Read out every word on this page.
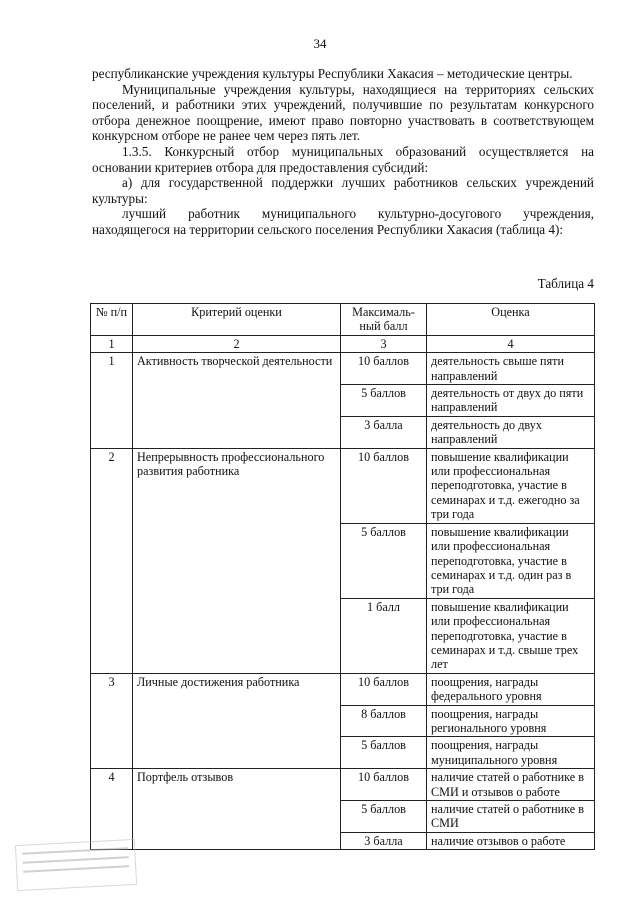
34

республиканские учреждения культуры Республики Хакасия – методические центры.

Муниципальные учреждения культуры, находящиеся на территориях сельских поселений, и работники этих учреждений, получившие по результатам конкурсного отбора денежное поощрение, имеют право повторно участвовать в соответствующем конкурсном отборе не ранее чем через пять лет.

1.3.5. Конкурсный отбор муниципальных образований осуществляется на основании критериев отбора для предоставления субсидий:

а) для государственной поддержки лучших работников сельских учреждений культуры:

лучший работник муниципального культурно-досугового учреждения, находящегося на территории сельского поселения Республики Хакасия (таблица 4):

Таблица 4
№ п/п	Критерий оценки	Максималь-ный балл	Оценка
1	2	3	4
1	Активность творческой деятельности	10 баллов	деятельность свыше пяти направлений
		5 баллов	деятельность от двух до пяти направлений
		3 балла	деятельность до двух направлений
2	Непрерывность профессионального развития работника	10 баллов	повышение квалификации или профессиональная переподготовка, участие в семинарах и т.д. ежегодно за три года
		5 баллов	повышение квалификации или профессиональная переподготовка, участие в семинарах и т.д. один раз в три года
		1 балл	повышение квалификации или профессиональная переподготовка, участие в семинарах и т.д. свыше трех лет
3	Личные достижения работника	10 баллов	поощрения, награды федерального уровня
		8 баллов	поощрения, награды регионального уровня
		5 баллов	поощрения, награды муниципального уровня
4	Портфель отзывов	10 баллов	наличие статей о работнике в СМИ и отзывов о работе
		5 баллов	наличие статей о работнике в СМИ
		3 балла	наличие отзывов о работе
